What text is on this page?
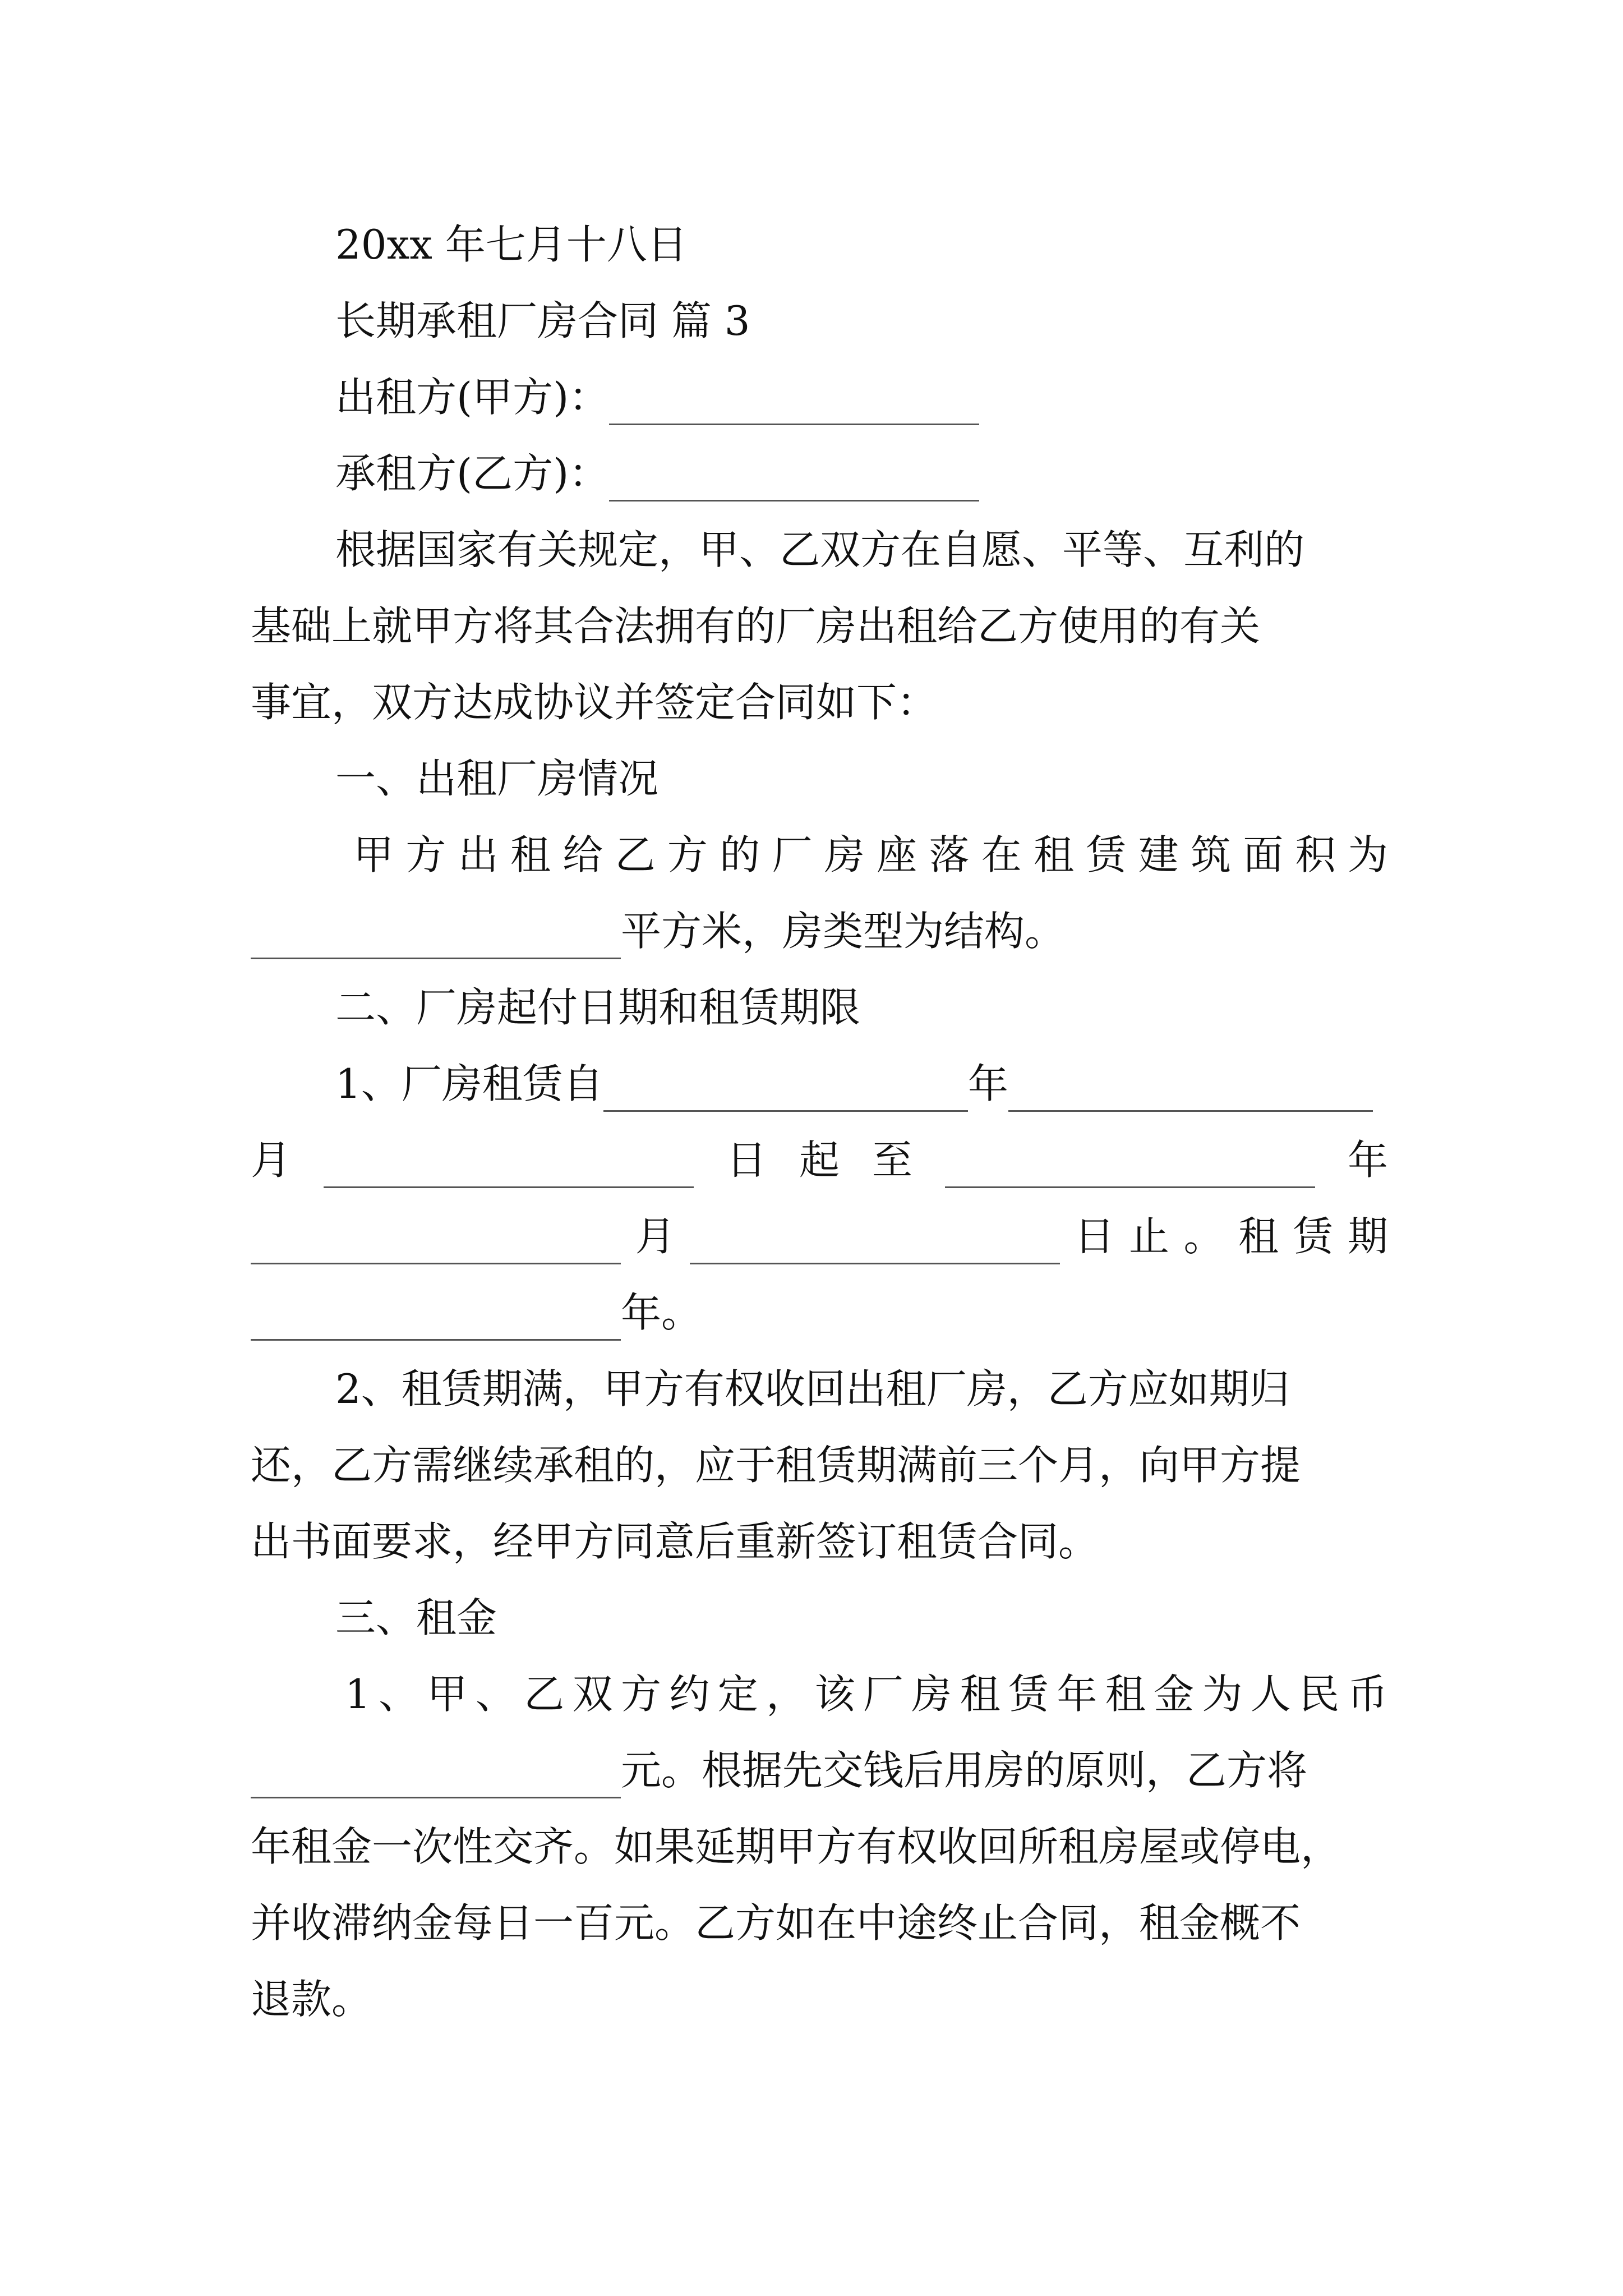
20xx 年七月十八日
长期承租厂房合同 篇 3
出租方(甲方)：
承租方(乙方)：
根据国家有关规定，甲、乙双方在自愿、平等、互利的
基础上就甲方将其合法拥有的厂房出租给乙方使用的有关
事宜，双方达成协议并签定合同如下：
一、出租厂房情况
甲 方 出 租 给 乙 方 的 厂 房 座 落 在 租 赁 建 筑 面 积 为
平方米，房类型为结构。
二、厂房起付日期和租赁期限
1、厂房租赁自	年
月	日 起 至	年
月	日 止 。 租 赁 期
年。
2、租赁期满，甲方有权收回出租厂房，乙方应如期归
还，乙方需继续承租的，应于租赁期满前三个月，向甲方提
出书面要求，经甲方同意后重新签订租赁合同。
三、租金
1 、 甲 、 乙 双 方 约 定 ， 该 厂 房 租 赁 年 租 金 为 人 民 币
元。根据先交钱后用房的原则，乙方将
年租金一次性交齐。如果延期甲方有权收回所租房屋或停电，
并收滞纳金每日一百元。乙方如在中途终止合同，租金概不
退款。
